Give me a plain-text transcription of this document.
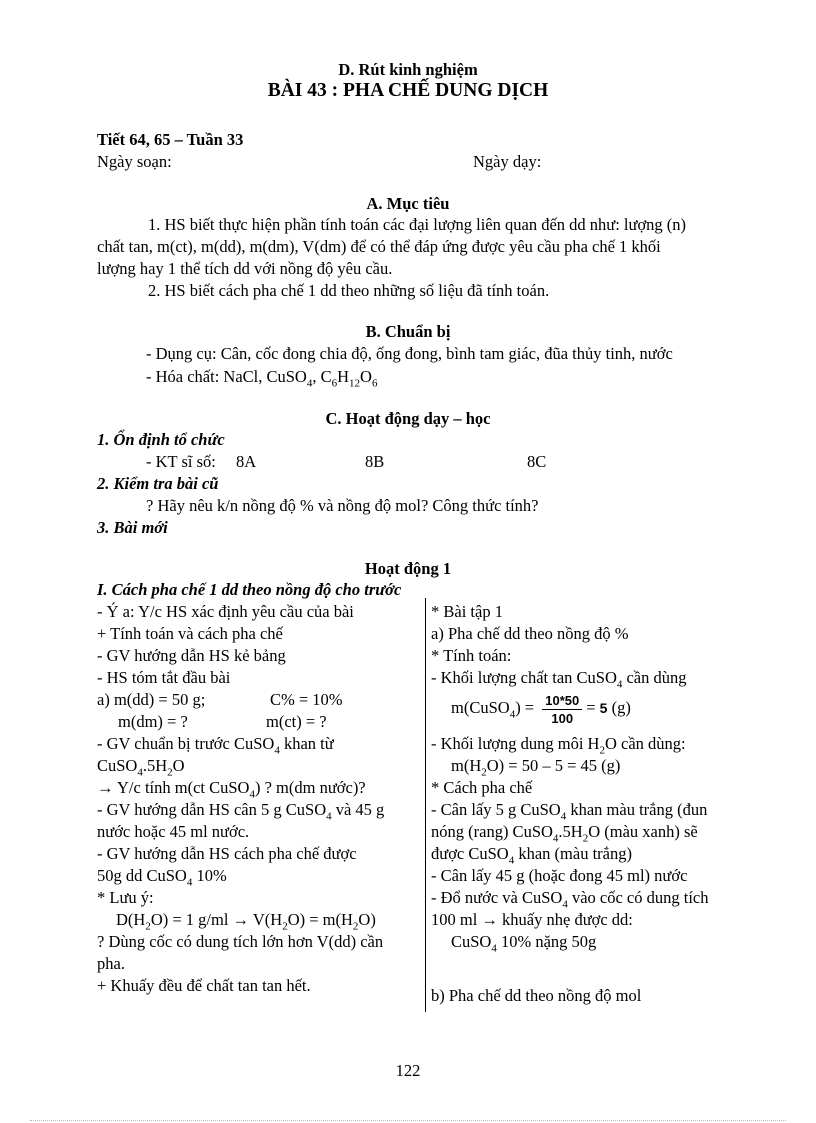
D. Rút kinh nghiệm
BÀI 43 : PHA CHẾ DUNG DỊCH
Tiết 64, 65 – Tuần 33
Ngày soạn:	Ngày dạy:
A. Mục tiêu
1. HS biết thực hiện phần tính toán các đại lượng liên quan đến dd như: lượng (n)
chất tan, m(ct), m(dd), m(dm), V(dm) để có thể đáp ứng được yêu cầu pha chế 1 khối
lượng hay 1 thể tích dd với nồng độ yêu cầu.
2. HS biết cách pha chế 1 dd theo những số liệu đã tính toán.
B. Chuẩn bị
- Dụng cụ: Cân, cốc đong chia độ, ống đong, bình tam giác, đũa thủy tinh, nước
- Hóa chất: NaCl, CuSO$_4$, $C_6H_{12}O_6$
C. Hoạt động dạy – học
1. Ổn định tổ chức
- KT sĩ số: 8A	8B	8C
2. Kiểm tra bài cũ
? Hãy nêu k/n nồng độ % và nồng độ mol? Công thức tính?
3. Bài mới
Hoạt động 1
I. Cách pha chế 1 dd theo nồng độ cho trước
- Ý a: Y/c HS xác định yêu cầu của bài
+ Tính toán và cách pha chế
- GV hướng dẫn HS kẻ bảng
- HS tóm tắt đầu bài
a) m(dd) = 50 g;	C% = 10%
m(dm) = ?	m(ct) = ?
- GV chuẩn bị trước CuSO$_4$ khan từ
$CuSO_4.5H_2O$
→ Y/c tính m(ct CuSO$_4$) ? m(dm nước)?
- GV hướng dẫn HS cân 5 g CuSO$_4$ và 45 g
nước hoặc 45 ml nước.
- GV hướng dẫn HS cách pha chế được
50g dd CuSO$_4$ 10%
* Lưu ý:
$D(H_2O) = 1$ $g/ml \to V(H_2O) = m(H_2O)$
? Dùng cốc có dung tích lớn hơn V(dd) cần
pha.
+ Khuấy đều để chất tan tan hết.
* Bài tập 1
a) Pha chế dd theo nồng độ %
* Tính toán:
- Khối lượng chất tan CuSO$_4$ cần dùng
m(CuSO$_4$) = $\frac{10*50}{100} = 5$ (g)
- Khối lượng dung môi $H_2O$ cần dùng:
$m(H_2O) = 50 - 5 = 45$ (g)
* Cách pha chế
- Cân lấy 5 g CuSO$_4$ khan màu trắng (đun
nóng (rang) $CuSO_4.5H_2O$ (màu xanh) sẽ
được CuSO$_4$ khan (màu trắng)
- Cân lấy 45 g (hoặc đong 45 ml) nước
- Đổ nước và CuSO$_4$ vào cốc có dung tích
100 ml → khuấy nhẹ được dd:
CuSO$_4$ 10% nặng 50g
b) Pha chế dd theo nồng độ mol
122
